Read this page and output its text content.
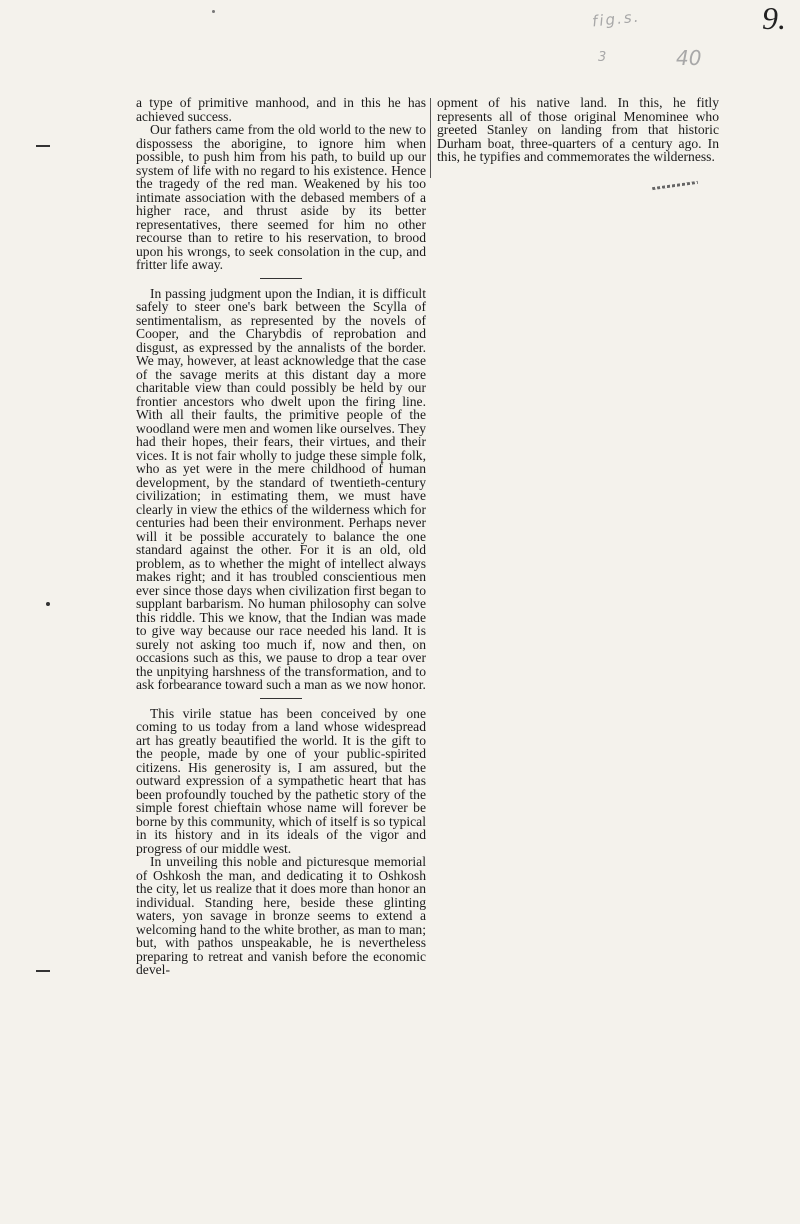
9.
fig.s.
3	40

a type of primitive manhood, and in this he has achieved success.

Our fathers came from the old world to the new to dispossess the aborigine, to ignore him when possible, to push him from his path, to build up our system of life with no regard to his existence. Hence the tragedy of the red man. Weakened by his too intimate association with the debased members of a higher race, and thrust aside by its better representatives, there seemed for him no other recourse than to retire to his reservation, to brood upon his wrongs, to seek consolation in the cup, and fritter life away.

In passing judgment upon the Indian, it is difficult safely to steer one's bark between the Scylla of sentimentalism, as represented by the novels of Cooper, and the Charybdis of reprobation and disgust, as expressed by the annalists of the border. We may, however, at least acknowledge that the case of the savage merits at this distant day a more charitable view than could possibly be held by our frontier ancestors who dwelt upon the firing line. With all their faults, the primitive people of the woodland were men and women like ourselves. They had their hopes, their fears, their virtues, and their vices. It is not fair wholly to judge these simple folk, who as yet were in the mere childhood of human development, by the standard of twentieth-century civilization; in estimating them, we must have clearly in view the ethics of the wilderness which for centuries had been their environment. Perhaps never will it be possible accurately to balance the one standard against the other. For it is an old, old problem, as to whether the might of intellect always makes right; and it has troubled conscientious men ever since those days when civilization first began to supplant barbarism. No human philosophy can solve this riddle. This we know, that the Indian was made to give way because our race needed his land. It is surely not asking too much if, now and then, on occasions such as this, we pause to drop a tear over the unpitying harshness of the transformation, and to ask forbearance toward such a man as we now honor.

This virile statue has been conceived by one coming to us today from a land whose widespread art has greatly beautified the world. It is the gift to the people, made by one of your public-spirited citizens. His generosity is, I am assured, but the outward expression of a sympathetic heart that has been profoundly touched by the pathetic story of the simple forest chieftain whose name will forever be borne by this community, which of itself is so typical in its history and in its ideals of the vigor and progress of our middle west.

In unveiling this noble and picturesque memorial of Oshkosh the man, and dedicating it to Oshkosh the city, let us realize that it does more than honor an individual. Standing here, beside these glinting waters, yon savage in bronze seems to extend a welcoming hand to the white brother, as man to man; but, with pathos unspeakable, he is nevertheless preparing to retreat and vanish before the economic devel-

opment of his native land. In this, he fitly represents all of those original Menominee who greeted Stanley on landing from that historic Durham boat, three-quarters of a century ago. In this, he typifies and commemorates the wilderness.
